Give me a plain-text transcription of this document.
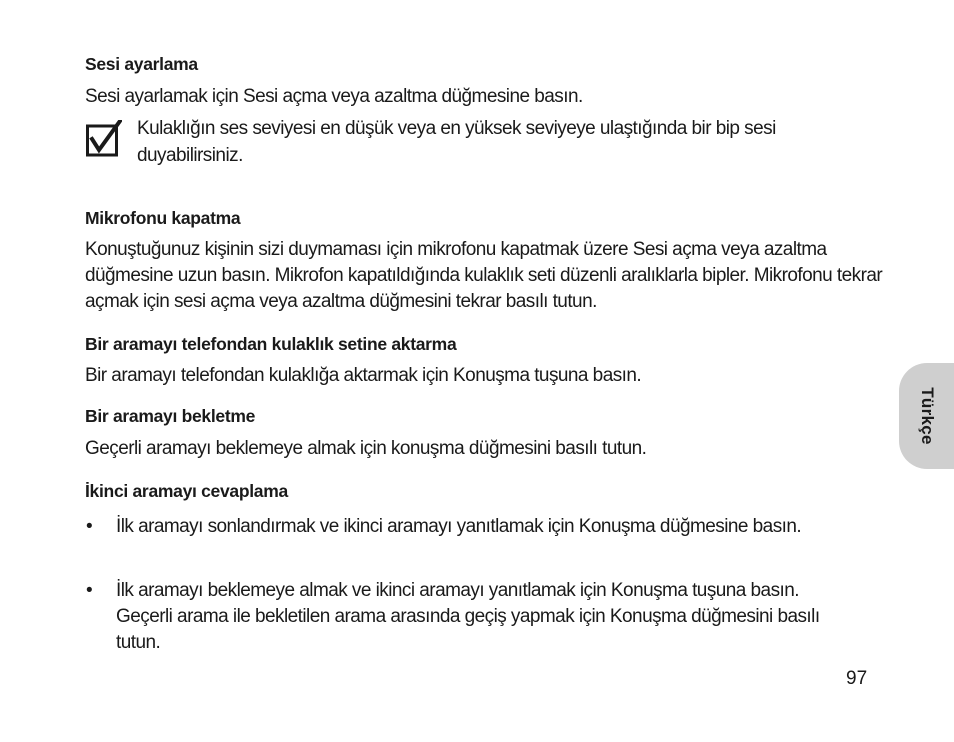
Sesi ayarlama
Sesi ayarlamak için Sesi açma veya azaltma düğmesine basın.
Kulaklığın ses seviyesi en düşük veya en yüksek seviyeye ulaştığında bir bip sesi duyabilirsiniz.
Mikrofonu kapatma
Konuştuğunuz kişinin sizi duymaması için mikrofonu kapatmak üzere Sesi açma veya azaltma düğmesine uzun basın. Mikrofon kapatıldığında kulaklık seti düzenli aralıklarla bipler. Mikrofonu tekrar açmak için sesi açma veya azaltma düğmesini tekrar basılı tutun.
Bir aramayı telefondan kulaklık setine aktarma
Bir aramayı telefondan kulaklığa aktarmak için Konuşma tuşuna basın.
Bir aramayı bekletme
Geçerli aramayı beklemeye almak için konuşma düğmesini basılı tutun.
İkinci aramayı cevaplama
• İlk aramayı sonlandırmak ve ikinci aramayı yanıtlamak için Konuşma düğmesine basın.
• İlk aramayı beklemeye almak ve ikinci aramayı yanıtlamak için Konuşma tuşuna basın. Geçerli arama ile bekletilen arama arasında geçiş yapmak için Konuşma düğmesini basılı tutun.
Türkçe
97
